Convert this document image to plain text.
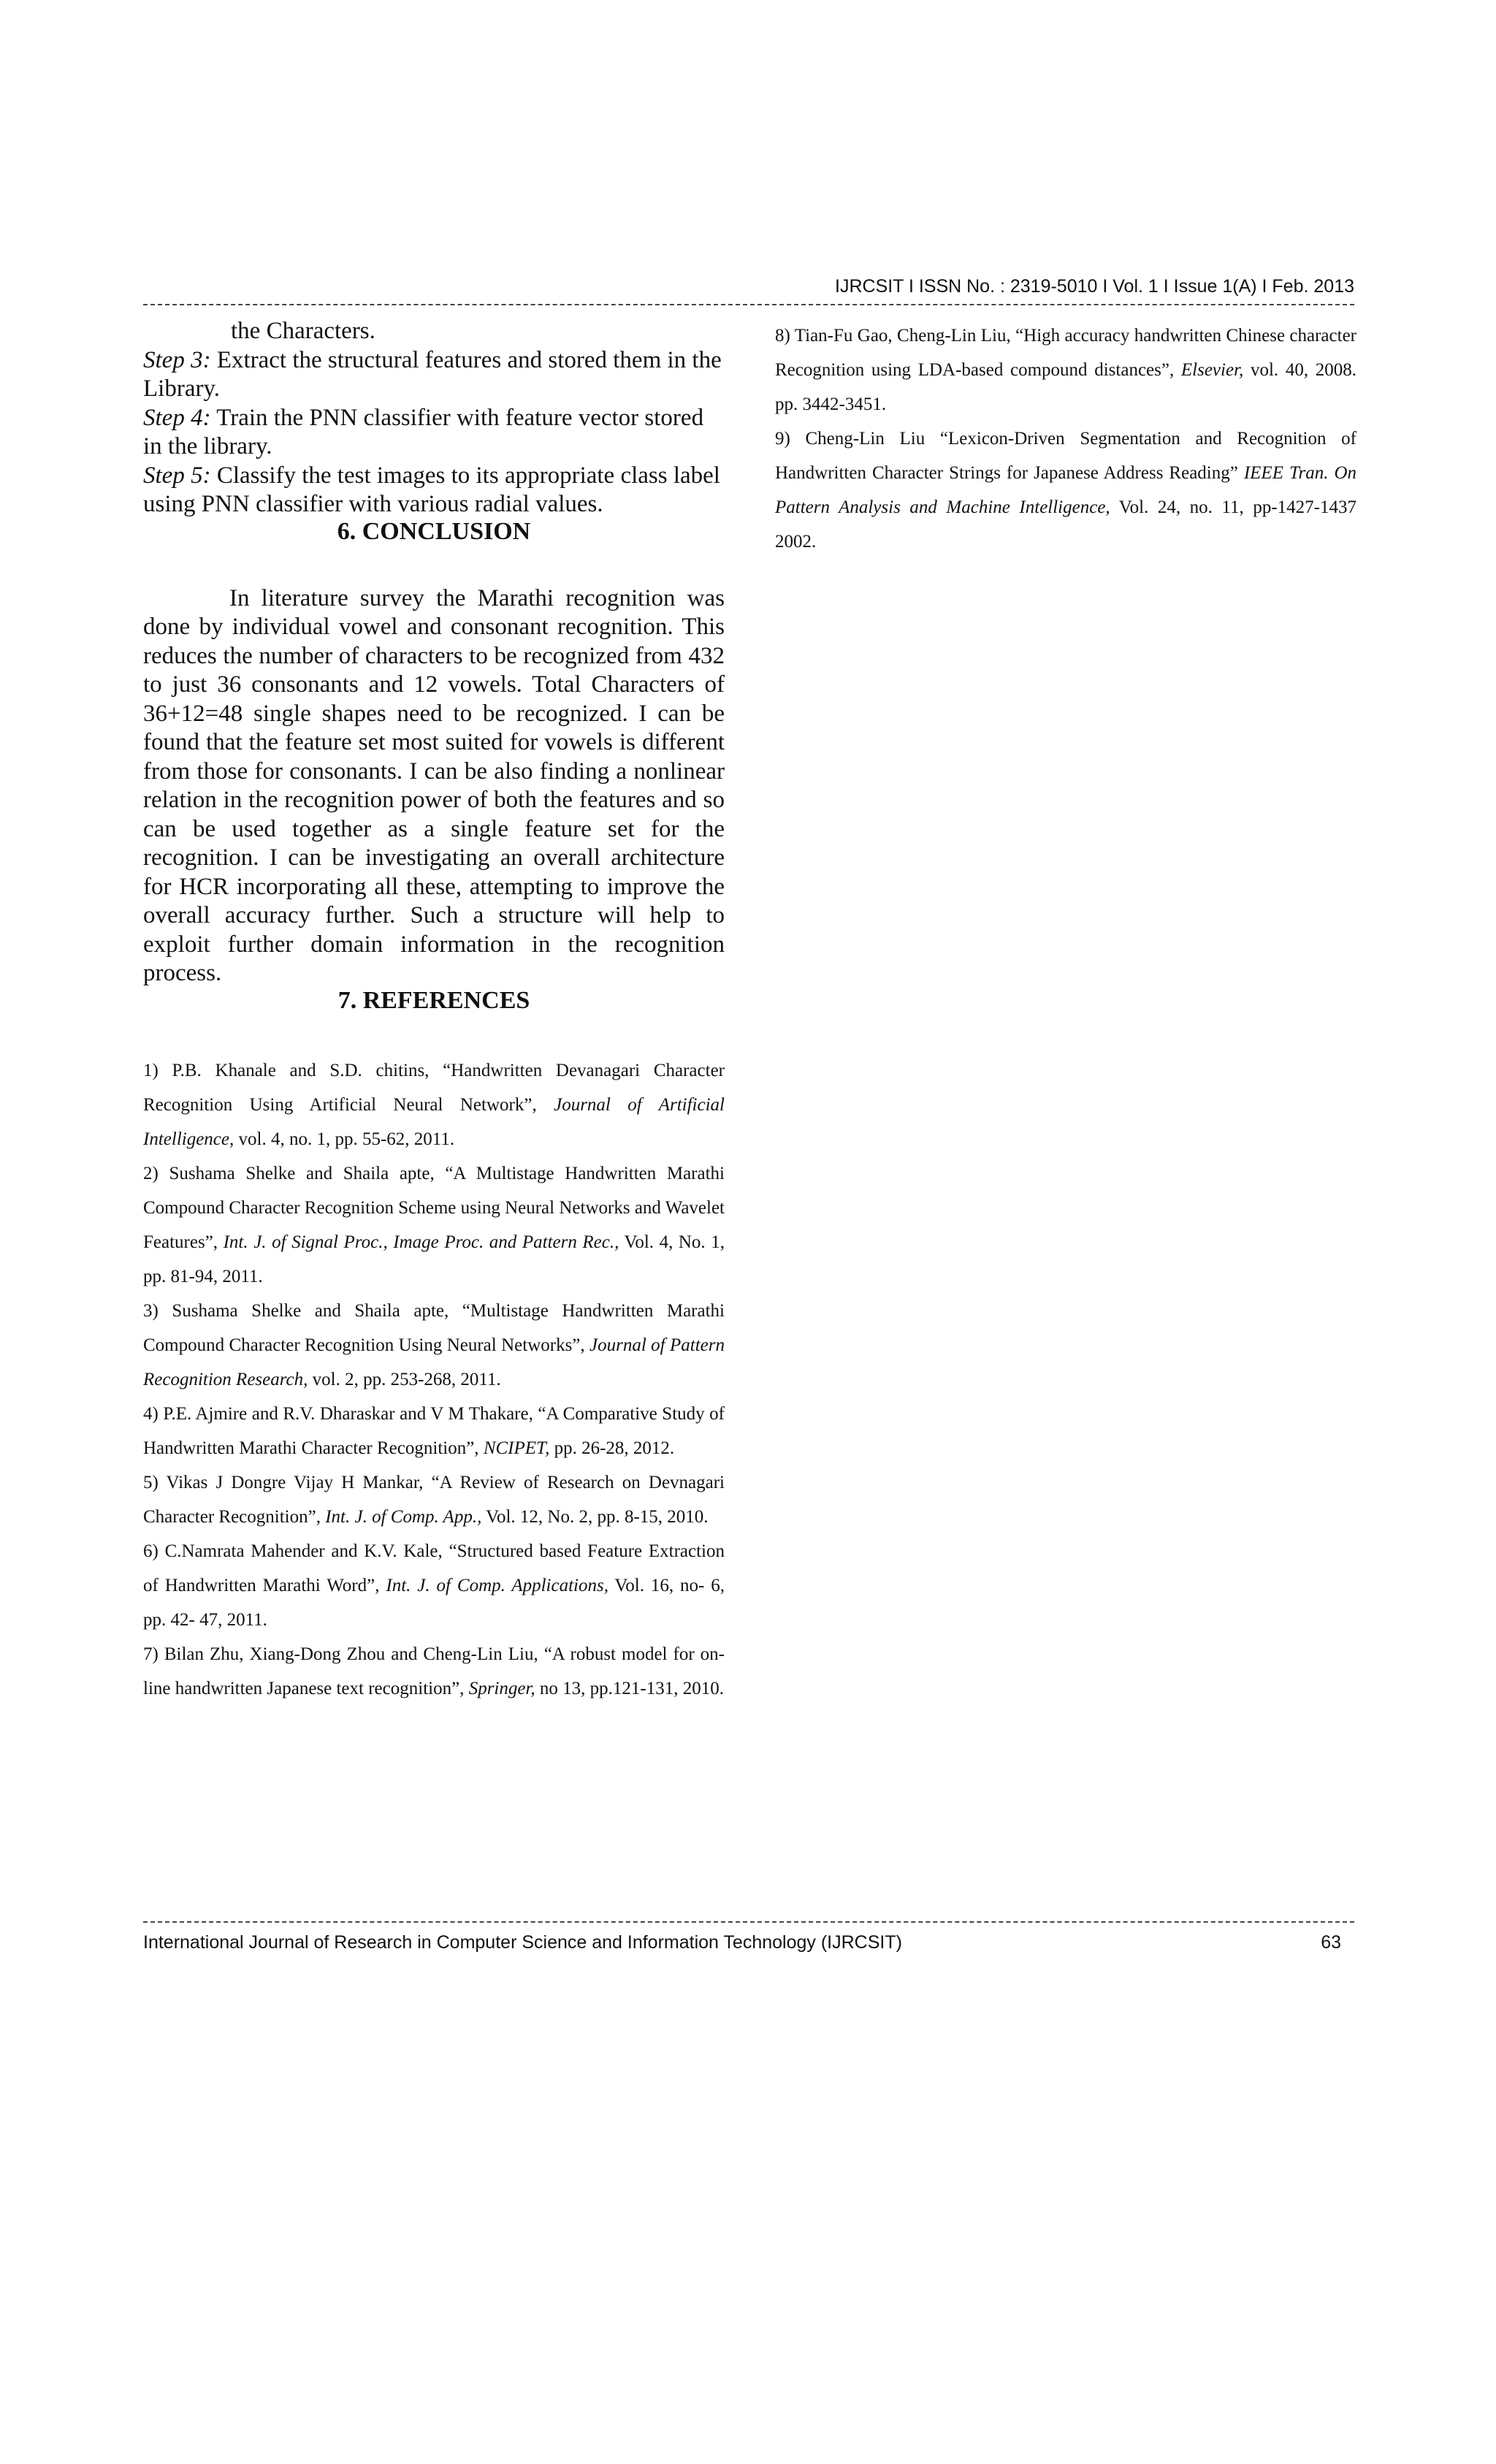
IJRCSIT I ISSN No. : 2319-5010 I Vol. 1 I Issue 1(A) I Feb. 2013

the Characters.

Step 3: Extract the structural features and stored them in the Library.

Step 4: Train the PNN classifier with feature vector stored in the library.

Step 5: Classify the test images to its appropriate class label using PNN classifier with various radial values.

6. CONCLUSION

In literature survey the Marathi recognition was done by individual vowel and consonant recognition. This reduces the number of characters to be recognized from 432 to just 36 consonants and 12 vowels. Total Characters of 36+12=48 single shapes need to be recognized. I can be found that the feature set most suited for vowels is different from those for consonants. I can be also finding a nonlinear relation in the recognition power of both the features and so can be used together as a single feature set for the recognition. I can be investigating an overall architecture for HCR incorporating all these, attempting to improve the overall accuracy further. Such a structure will help to exploit further domain information in the recognition process.

7. REFERENCES

1) P.B. Khanale and S.D. chitins, “Handwritten Devanagari Character Recognition Using Artificial Neural Network”, Journal of Artificial Intelligence, vol. 4, no. 1, pp. 55-62, 2011.

2) Sushama Shelke and Shaila apte, “A Multistage Handwritten Marathi Compound Character Recognition Scheme using Neural Networks and Wavelet Features”, Int. J. of Signal Proc., Image Proc. and Pattern Rec., Vol. 4, No. 1, pp. 81-94, 2011.

3) Sushama Shelke and Shaila apte, “Multistage Handwritten Marathi Compound Character Recognition Using Neural Networks”, Journal of Pattern Recognition Research, vol. 2, pp. 253-268, 2011.

4) P.E. Ajmire and R.V. Dharaskar and V M Thakare, “A Comparative Study of Handwritten Marathi Character Recognition”, NCIPET, pp. 26-28, 2012.

5) Vikas J Dongre Vijay H Mankar, “A Review of Research on Devnagari Character Recognition”, Int. J. of Comp. App., Vol. 12, No. 2, pp. 8-15, 2010.

6) C.Namrata Mahender and K.V. Kale, “Structured based Feature Extraction of Handwritten Marathi Word”, Int. J. of Comp. Applications, Vol. 16, no- 6, pp. 42- 47, 2011.

7) Bilan Zhu, Xiang-Dong Zhou and Cheng-Lin Liu, “A robust model for on- line handwritten Japanese text recognition”, Springer, no 13, pp.121-131, 2010.

8) Tian-Fu Gao, Cheng-Lin Liu, “High accuracy handwritten Chinese character Recognition using LDA-based compound distances”, Elsevier, vol. 40, 2008. pp. 3442-3451.

9) Cheng-Lin Liu “Lexicon-Driven Segmentation and Recognition of Handwritten Character Strings for Japanese Address Reading” IEEE Tran. On Pattern Analysis and Machine Intelligence, Vol. 24, no. 11, pp-1427-1437 2002.

International Journal of Research in Computer Science and Information Technology (IJRCSIT)	63
